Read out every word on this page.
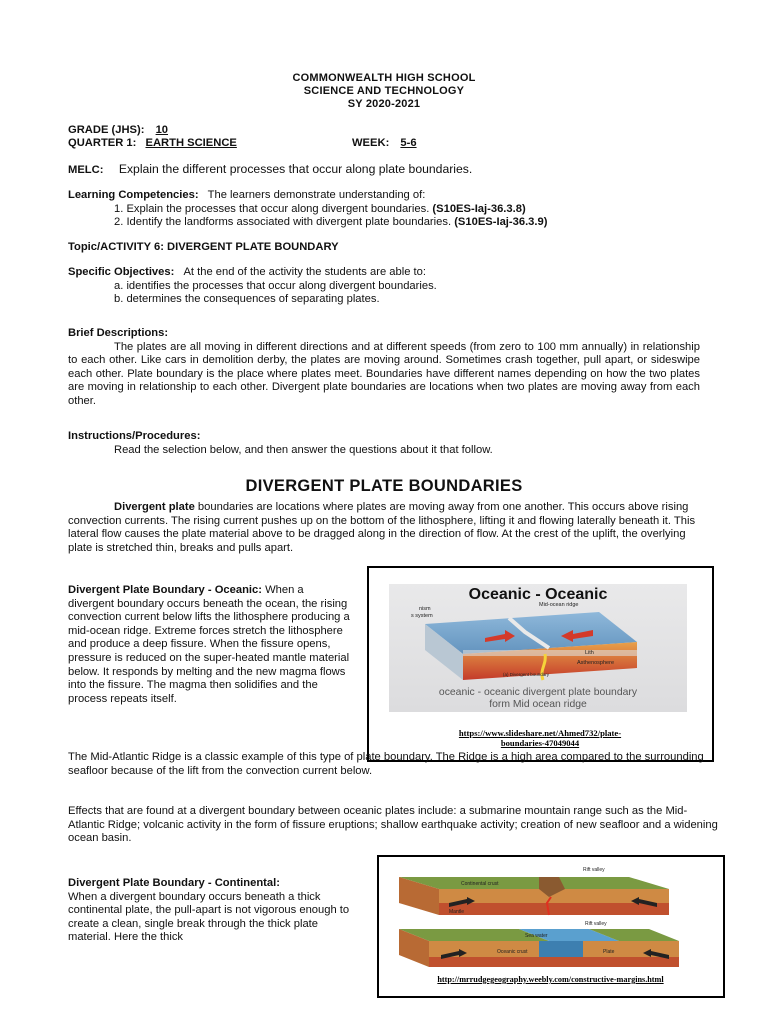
COMMONWEALTH HIGH SCHOOL
SCIENCE AND TECHNOLOGY
SY 2020-2021
GRADE (JHS): 10
QUARTER 1: EARTH SCIENCE	WEEK: 5-6
MELC: Explain the different processes that occur along plate boundaries.
Learning Competencies: The learners demonstrate understanding of:
1. Explain the processes that occur along divergent boundaries. (S10ES-Iaj-36.3.8)
2. Identify the landforms associated with divergent plate boundaries. (S10ES-Iaj-36.3.9)
Topic/ACTIVITY 6: DIVERGENT PLATE BOUNDARY
Specific Objectives: At the end of the activity the students are able to:
a. identifies the processes that occur along divergent boundaries.
b. determines the consequences of separating plates.
Brief Descriptions:
The plates are all moving in different directions and at different speeds (from zero to 100 mm annually) in relationship to each other. Like cars in demolition derby, the plates are moving around. Sometimes crash together, pull apart, or sideswipe each other. Plate boundary is the place where plates meet. Boundaries have different names depending on how the two plates are moving in relationship to each other. Divergent plate boundaries are locations when two plates are moving away from each other.
Instructions/Procedures:
Read the selection below, and then answer the questions about it that follow.
DIVERGENT PLATE BOUNDARIES
Divergent plate boundaries are locations where plates are moving away from one another. This occurs above rising convection currents. The rising current pushes up on the bottom of the lithosphere, lifting it and flowing laterally beneath it. This lateral flow causes the plate material above to be dragged along in the direction of flow. At the crest of the uplift, the overlying plate is stretched thin, breaks and pulls apart.
Divergent Plate Boundary - Oceanic: When a divergent boundary occurs beneath the ocean, the rising convection current below lifts the lithosphere producing a mid-ocean ridge. Extreme forces stretch the lithosphere and produce a deep fissure. When the fissure opens, pressure is reduced on the super-heated mantle material below. It responds by melting and the new magma flows into the fissure. The magma then solidifies and the process repeats itself.
Oceanic - Oceanic
Mid-ocean ridge
nism
s system
Lith
Asthenosphere
(a) Divergent boundary
oceanic - oceanic divergent plate boundary
form Mid ocean ridge
https://www.slideshare.net/Ahmed732/plate-
boundaries-47049044
The Mid-Atlantic Ridge is a classic example of this type of plate boundary. The Ridge is a high area compared to the surrounding seafloor because of the lift from the convection current below.
Effects that are found at a divergent boundary between oceanic plates include: a submarine mountain range such as the Mid-Atlantic Ridge; volcanic activity in the form of fissure eruptions; shallow earthquake activity; creation of new seafloor and a widening ocean basin.
Divergent Plate Boundary - Continental:
When a divergent boundary occurs beneath a thick continental plate, the pull-apart is not vigorous enough to create a clean, single break through the thick plate material. Here the thick
Rift valley
Continental crust
Mantle
Rift valley
Sea water
Oceanic crust	Plate
http://mrrudgegeography.weebly.com/constructive-margins.html
